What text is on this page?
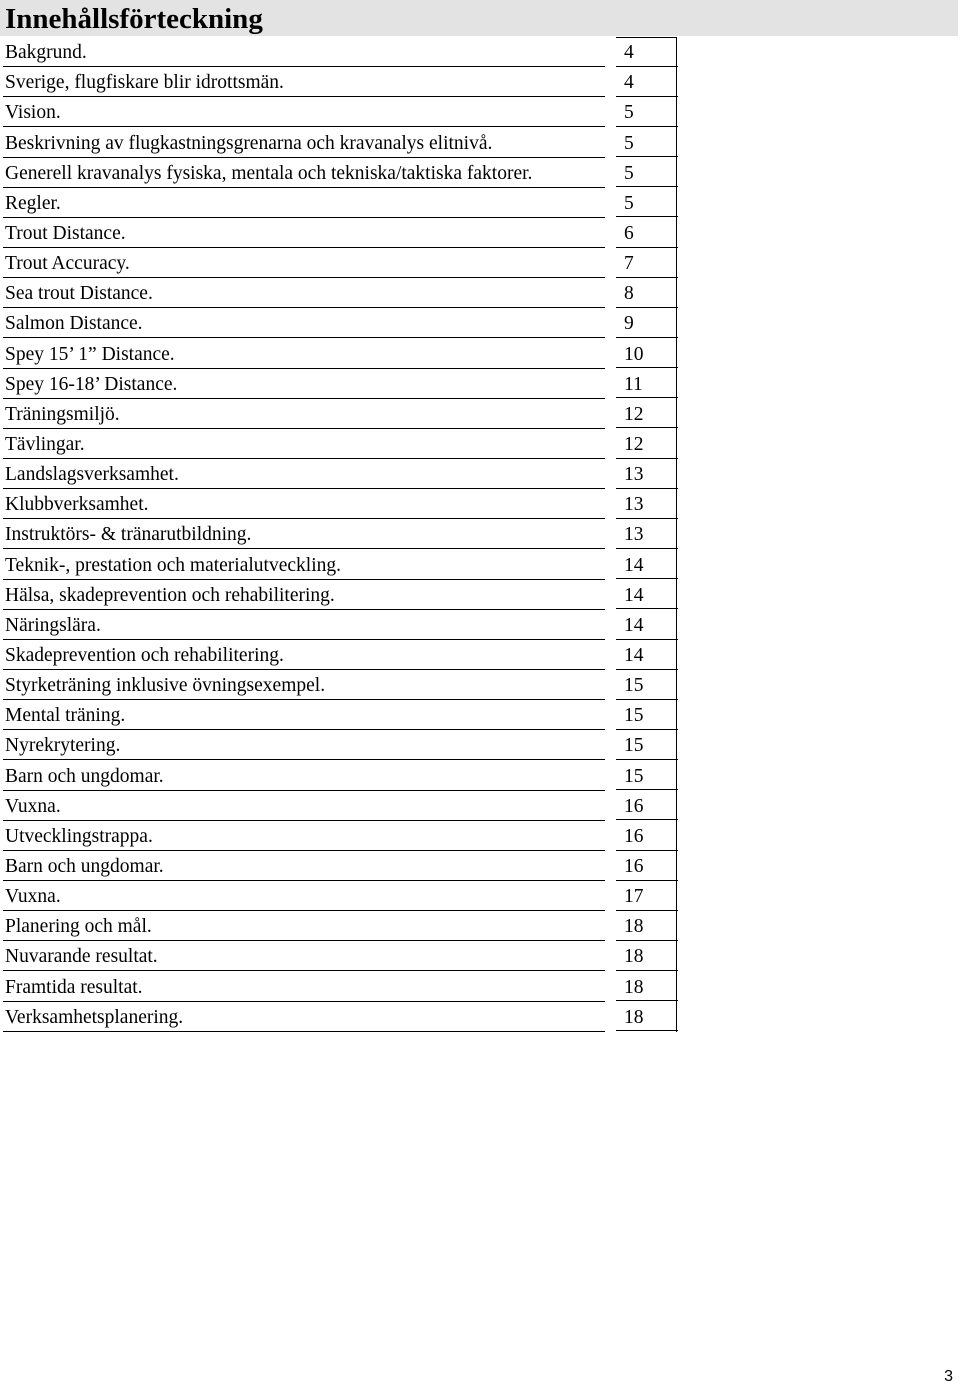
Innehållsförteckning
Bakgrund.	4
Sverige, flugfiskare blir idrottsmän.	4
Vision.	5
Beskrivning av flugkastningsgrenarna och kravanalys elitnivå.	5
Generell kravanalys fysiska, mentala och tekniska/taktiska faktorer.	5
Regler.	5
Trout Distance.	6
Trout Accuracy.	7
Sea trout Distance.	8
Salmon Distance.	9
Spey 15’ 1” Distance.	10
Spey 16-18’ Distance.	11
Träningsmiljö.	12
Tävlingar.	12
Landslagsverksamhet.	13
Klubbverksamhet.	13
Instruktörs- & tränarutbildning.	13
Teknik-, prestation och materialutveckling.	14
Hälsa, skadeprevention och rehabilitering.	14
Näringslära.	14
Skadeprevention och rehabilitering.	14
Styrketräning inklusive övningsexempel.	15
Mental träning.	15
Nyrekrytering.	15
Barn och ungdomar.	15
Vuxna.	16
Utvecklingstrappa.	16
Barn och ungdomar.	16
Vuxna.	17
Planering och mål.	18
Nuvarande resultat.	18
Framtida resultat.	18
Verksamhetsplanering.	18
3
